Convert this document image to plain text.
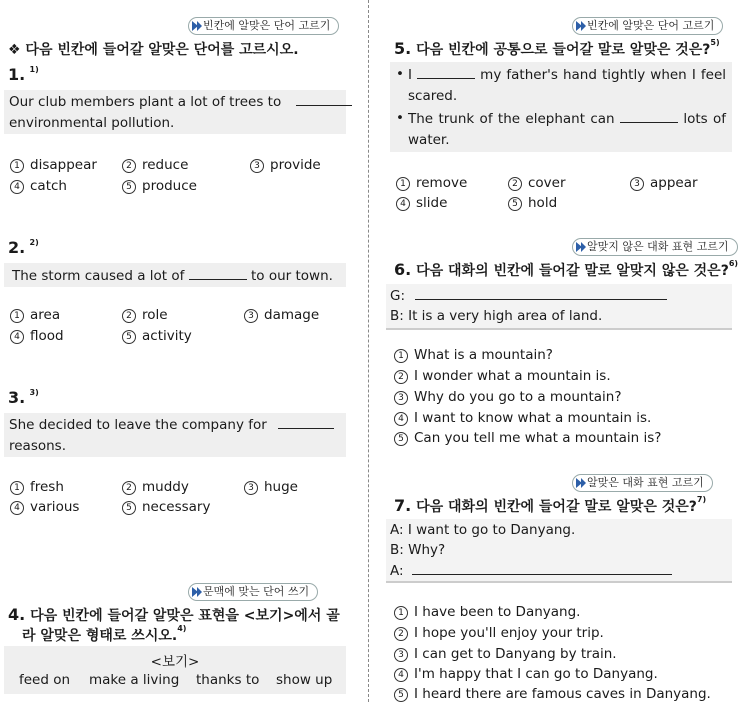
빈칸에 알맞은 단어 고르기
❖ 다음 빈칸에 들어갈 알맞은 단어를 고르시오.
1. $^{1)}$
Our club members plant a lot of trees to
environmental pollution.
1 disappear	2 reduce	3 provide
4 catch	5 produce
2. $^{2)}$
The storm caused a lot of	to our town.
1 area	2 role	3 damage
4 flood	5 activity
3. $^{3)}$
She decided to leave the company for
reasons.
1 fresh	2 muddy	3 huge
4 various	5 necessary
문맥에 맞는 단어 쓰기
4. 다음 빈칸에 들어갈 알맞은 표현을 <보기>에서 골
라 알맞은 형태로 쓰시오.$^{4)}$
<보기>
feed on make a living thanks to show up
빈칸에 알맞은 단어 고르기
5. 다음 빈칸에 공통으로 들어갈 말로 알맞은 것은?$^{5)}$
• I	my father's hand tightly when I feel
scared.
• The trunk of the elephant can	lots of
water.
1 remove	2 cover	3 appear
4 slide	5 hold
알맞지 않은 대화 표현 고르기
6. 다음 대화의 빈칸에 들어갈 말로 알맞지 않은 것은?$^{6)}$
G:
B: It is a very high area of land.
1 What is a mountain?
2 I wonder what a mountain is.
3 Why do you go to a mountain?
4 I want to know what a mountain is.
5 Can you tell me what a mountain is?
알맞은 대화 표현 고르기
7. 다음 대화의 빈칸에 들어갈 말로 알맞은 것은?$^{7)}$
A: I want to go to Danyang.
B: Why?
A:
1 I have been to Danyang.
2 I hope you'll enjoy your trip.
3 I can get to Danyang by train.
4 I'm happy that I can go to Danyang.
5 I heard there are famous caves in Danyang.
